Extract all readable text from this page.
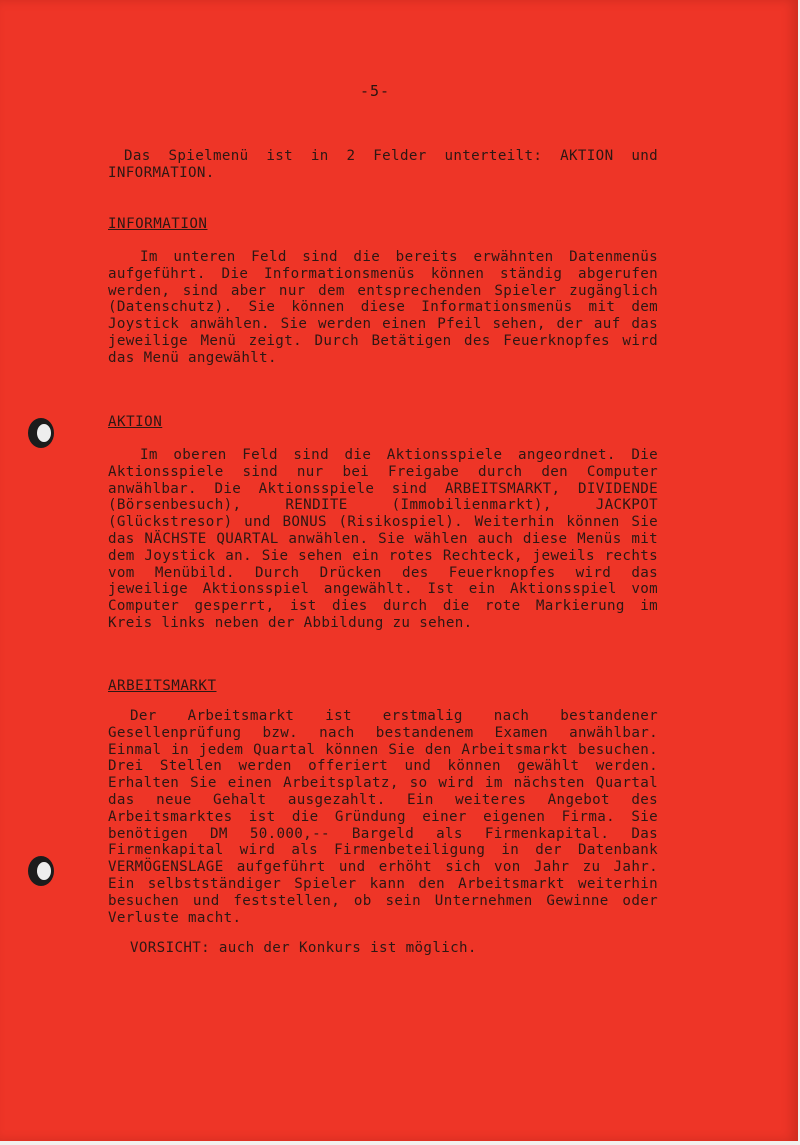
-5-
Das Spielmenü ist in 2 Felder unterteilt: AKTION und INFORMATION.
INFORMATION
Im unteren Feld sind die bereits erwähnten Datenmenüs aufgeführt. Die Informationsmenüs können ständig abgerufen werden, sind aber nur dem entsprechenden Spieler zugänglich (Datenschutz). Sie können diese Informationsmenüs mit dem Joystick anwählen. Sie werden einen Pfeil sehen, der auf das jeweilige Menü zeigt. Durch Betätigen des Feuerknopfes wird das Menü angewählt.
AKTION
Im oberen Feld sind die Aktionsspiele angeordnet. Die Aktionsspiele sind nur bei Freigabe durch den Computer anwählbar. Die Aktionsspiele sind ARBEITSMARKT, DIVIDENDE (Börsenbesuch), RENDITE (Immobilienmarkt), JACKPOT (Glückstresor) und BONUS (Risikospiel). Weiterhin können Sie das NÄCHSTE QUARTAL anwählen. Sie wählen auch diese Menüs mit dem Joystick an. Sie sehen ein rotes Rechteck, jeweils rechts vom Menübild. Durch Drücken des Feuerknopfes wird das jeweilige Aktionsspiel angewählt. Ist ein Aktionsspiel vom Computer gesperrt, ist dies durch die rote Markierung im Kreis links neben der Abbildung zu sehen.
ARBEITSMARKT
Der Arbeitsmarkt ist erstmalig nach bestandener Gesellenprüfung bzw. nach bestandenem Examen anwählbar. Einmal in jedem Quartal können Sie den Arbeitsmarkt besuchen. Drei Stellen werden offeriert und können gewählt werden. Erhalten Sie einen Arbeitsplatz, so wird im nächsten Quartal das neue Gehalt ausgezahlt. Ein weiteres Angebot des Arbeitsmarktes ist die Gründung einer eigenen Firma. Sie benötigen DM 50.000,-- Bargeld als Firmenkapital. Das Firmenkapital wird als Firmenbeteiligung in der Datenbank VERMÖGENSLAGE aufgeführt und erhöht sich von Jahr zu Jahr. Ein selbstständiger Spieler kann den Arbeitsmarkt weiterhin besuchen und feststellen, ob sein Unternehmen Gewinne oder Verluste macht.
VORSICHT: auch der Konkurs ist möglich.
